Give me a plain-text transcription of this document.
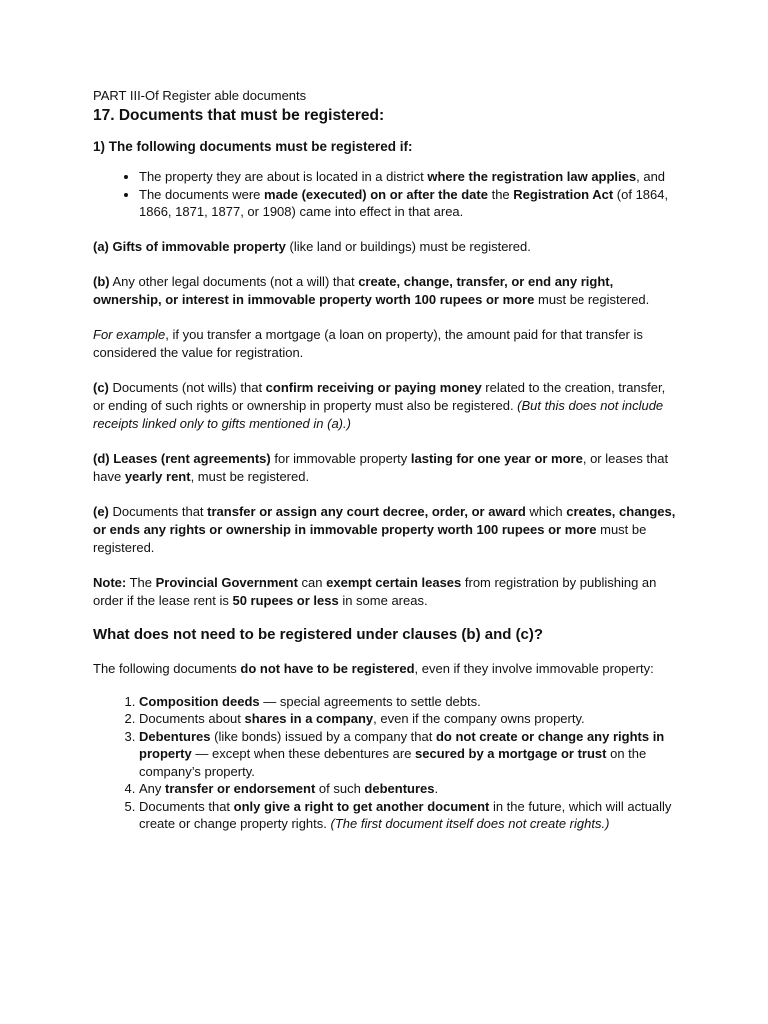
PART III-Of Register able documents

17. Documents that must be registered:
1) The following documents must be registered if:
• The property they are about is located in a district where the registration law applies, and
• The documents were made (executed) on or after the date the Registration Act (of 1864, 1866, 1871, 1877, or 1908) came into effect in that area.

(a) Gifts of immovable property (like land or buildings) must be registered.

(b) Any other legal documents (not a will) that create, change, transfer, or end any right, ownership, or interest in immovable property worth 100 rupees or more must be registered.

For example, if you transfer a mortgage (a loan on property), the amount paid for that transfer is considered the value for registration.

(c) Documents (not wills) that confirm receiving or paying money related to the creation, transfer, or ending of such rights or ownership in property must also be registered. (But this does not include receipts linked only to gifts mentioned in (a).)

(d) Leases (rent agreements) for immovable property lasting for one year or more, or leases that have yearly rent, must be registered.

(e) Documents that transfer or assign any court decree, order, or award which creates, changes, or ends any rights or ownership in immovable property worth 100 rupees or more must be registered.

Note: The Provincial Government can exempt certain leases from registration by publishing an order if the lease rent is 50 rupees or less in some areas.

What does not need to be registered under clauses (b) and (c)?

The following documents do not have to be registered, even if they involve immovable property:

1. Composition deeds — special agreements to settle debts.
2. Documents about shares in a company, even if the company owns property.
3. Debentures (like bonds) issued by a company that do not create or change any rights in property — except when these debentures are secured by a mortgage or trust on the company’s property.
4. Any transfer or endorsement of such debentures.
5. Documents that only give a right to get another document in the future, which will actually create or change property rights. (The first document itself does not create rights.)
